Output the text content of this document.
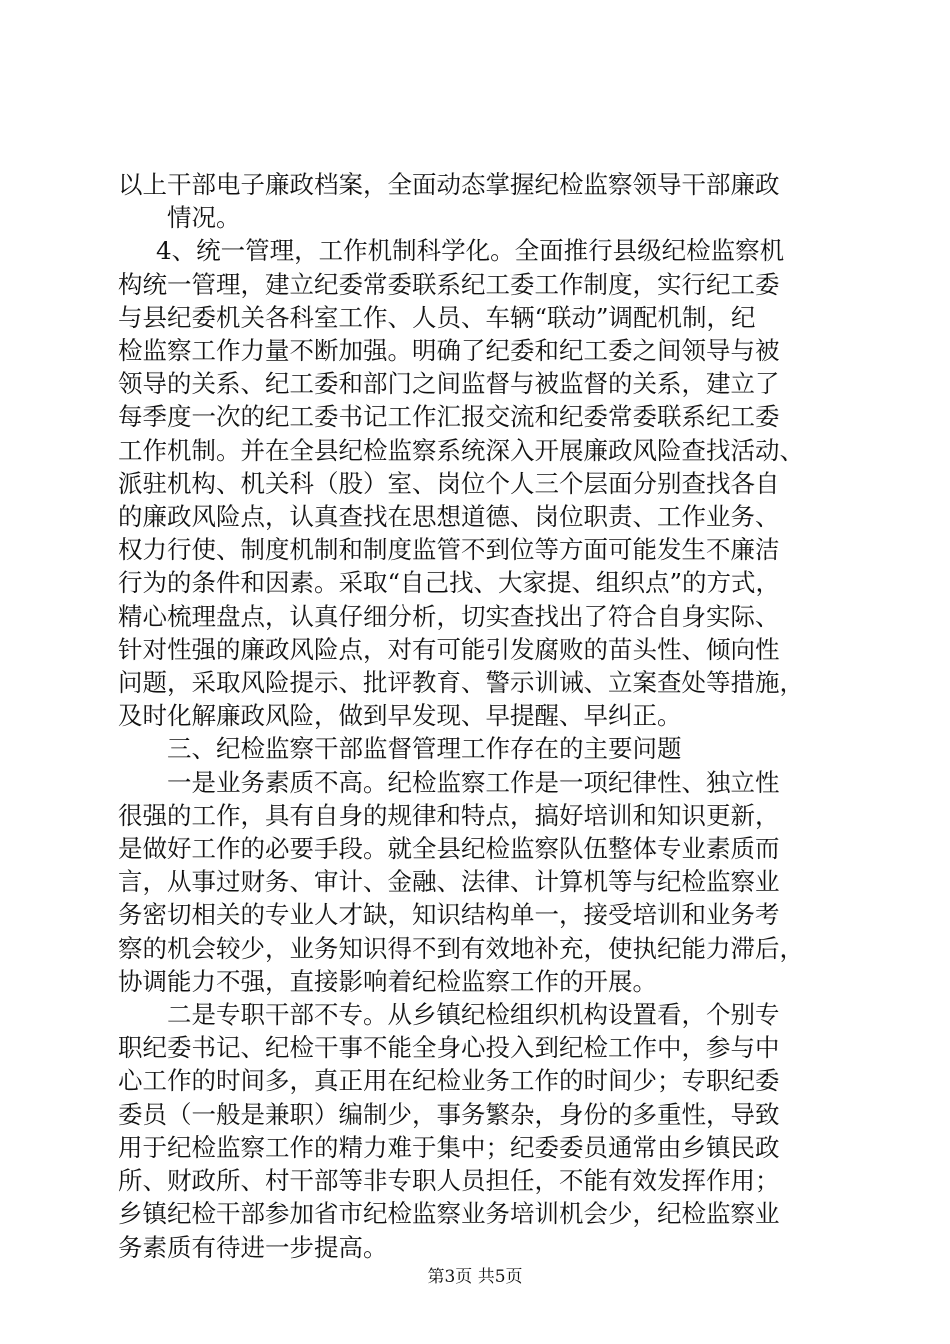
以上干部电子廉政档案，全面动态掌握纪检监察领导干部廉政
情况。
4、统一管理，工作机制科学化。全面推行县级纪检监察机
构统一管理，建立纪委常委联系纪工委工作制度，实行纪工委
与县纪委机关各科室工作、人员、车辆“联动”调配机制，纪
检监察工作力量不断加强。明确了纪委和纪工委之间领导与被
领导的关系、纪工委和部门之间监督与被监督的关系，建立了
每季度一次的纪工委书记工作汇报交流和纪委常委联系纪工委
工作机制。并在全县纪检监察系统深入开展廉政风险查找活动、
派驻机构、机关科（股）室、岗位个人三个层面分别查找各自
的廉政风险点，认真查找在思想道德、岗位职责、工作业务、
权力行使、制度机制和制度监管不到位等方面可能发生不廉洁
行为的条件和因素。采取“自己找、大家提、组织点”的方式，
精心梳理盘点，认真仔细分析，切实查找出了符合自身实际、
针对性强的廉政风险点，对有可能引发腐败的苗头性、倾向性
问题，采取风险提示、批评教育、警示训诫、立案查处等措施，
及时化解廉政风险，做到早发现、早提醒、早纠正。
三、纪检监察干部监督管理工作存在的主要问题
一是业务素质不高。纪检监察工作是一项纪律性、独立性
很强的工作，具有自身的规律和特点，搞好培训和知识更新，
是做好工作的必要手段。就全县纪检监察队伍整体专业素质而
言，从事过财务、审计、金融、法律、计算机等与纪检监察业
务密切相关的专业人才缺，知识结构单一，接受培训和业务考
察的机会较少，业务知识得不到有效地补充，使执纪能力滞后，
协调能力不强，直接影响着纪检监察工作的开展。
二是专职干部不专。从乡镇纪检组织机构设置看，个别专
职纪委书记、纪检干事不能全身心投入到纪检工作中，参与中
心工作的时间多，真正用在纪检业务工作的时间少；专职纪委
委员（一般是兼职）编制少，事务繁杂，身份的多重性，导致
用于纪检监察工作的精力难于集中；纪委委员通常由乡镇民政
所、财政所、村干部等非专职人员担任，不能有效发挥作用；
乡镇纪检干部参加省市纪检监察业务培训机会少，纪检监察业
务素质有待进一步提高。
第3页 共5页
